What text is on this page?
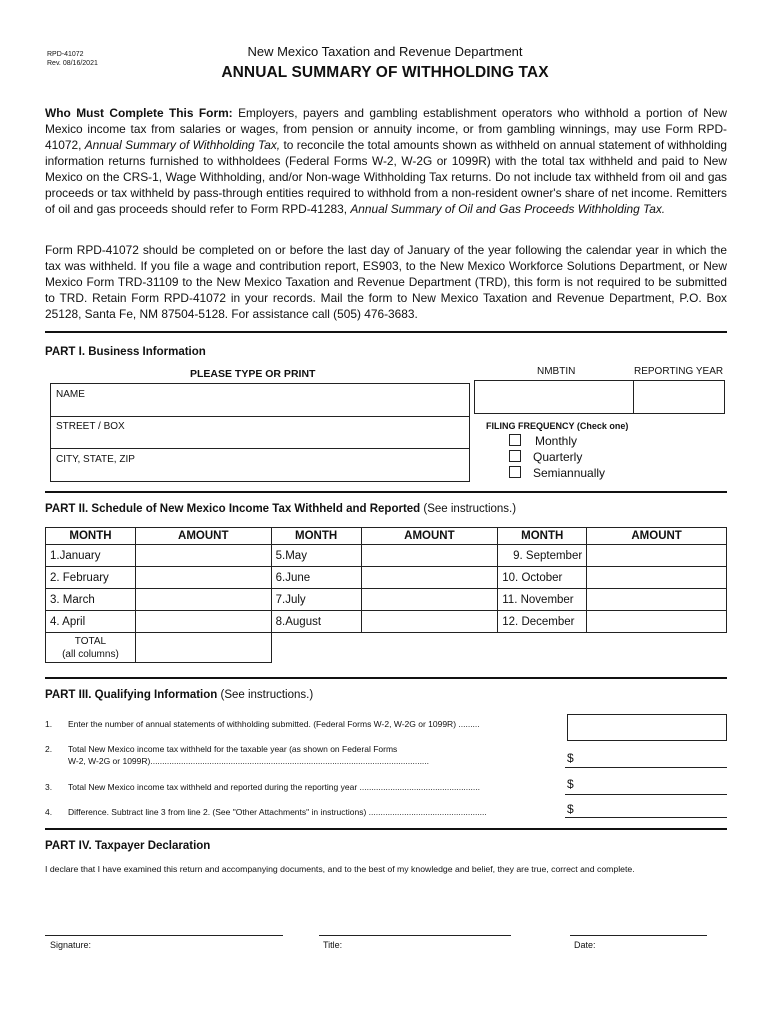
RPD-41072
Rev. 08/16/2021
New Mexico Taxation and Revenue Department
ANNUAL SUMMARY OF WITHHOLDING TAX
Who Must Complete This Form: Employers, payers and gambling establishment operators who withhold a portion of New Mexico income tax from salaries or wages, from pension or annuity income, or from gambling winnings, may use Form RPD-41072, Annual Summary of Withholding Tax, to reconcile the total amounts shown as withheld on annual statement of withholding information returns furnished to withholdees (Federal Forms W-2, W-2G or 1099R) with the total tax withheld and paid to New Mexico on the CRS-1, Wage Withholding, and/or Non-wage Withholding Tax returns. Do not include tax withheld from oil and gas proceeds or tax withheld by pass-through entities required to withhold from a non-resident owner's share of net income. Remitters of oil and gas proceeds should refer to Form RPD-41283, Annual Summary of Oil and Gas Proceeds Withholding Tax.
Form RPD-41072 should be completed on or before the last day of January of the year following the calendar year in which the tax was withheld. If you file a wage and contribution report, ES903, to the New Mexico Workforce Solutions Department, or New Mexico Form TRD-31109 to the New Mexico Taxation and Revenue Department (TRD), this form is not required to be submitted to TRD. Retain Form RPD-41072 in your records. Mail the form to New Mexico Taxation and Revenue Department, P.O. Box 25128, Santa Fe, NM 87504-5128. For assistance call (505) 476-3683.
PART I. Business Information
PLEASE TYPE OR PRINT	NMBTIN	REPORTING YEAR
NAME
STREET / BOX
CITY, STATE, ZIP
FILING FREQUENCY (Check one)
Monthly
Quarterly
Semiannually
PART II. Schedule of New Mexico Income Tax Withheld and Reported (See instructions.)
MONTH	AMOUNT	MONTH	AMOUNT	MONTH	AMOUNT
1.January		5.May		9. September	
2. February		6.June		10. October	
3. March		7.July		11. November	
4. April		8.August		12. December	

TOTAL
(all columns)					

PART III. Qualifying Information (See instructions.)
1. Enter the number of annual statements of withholding submitted. (Federal Forms W-2, W-2G or 1099R) .........
2. Total New Mexico income tax withheld for the taxable year (as shown on Federal Forms
W-2, W-2G or 1099R)......................................................................................................................	$
3. Total New Mexico income tax withheld and reported during the reporting year ...................................................	$
4. Difference. Subtract line 3 from line 2. (See "Other Attachments" in instructions) ..................................................	$
PART IV. Taxpayer Declaration
I declare that I have examined this return and accompanying documents, and to the best of my knowledge and belief, they are true, correct and complete.
Signature:	Title:	Date:
